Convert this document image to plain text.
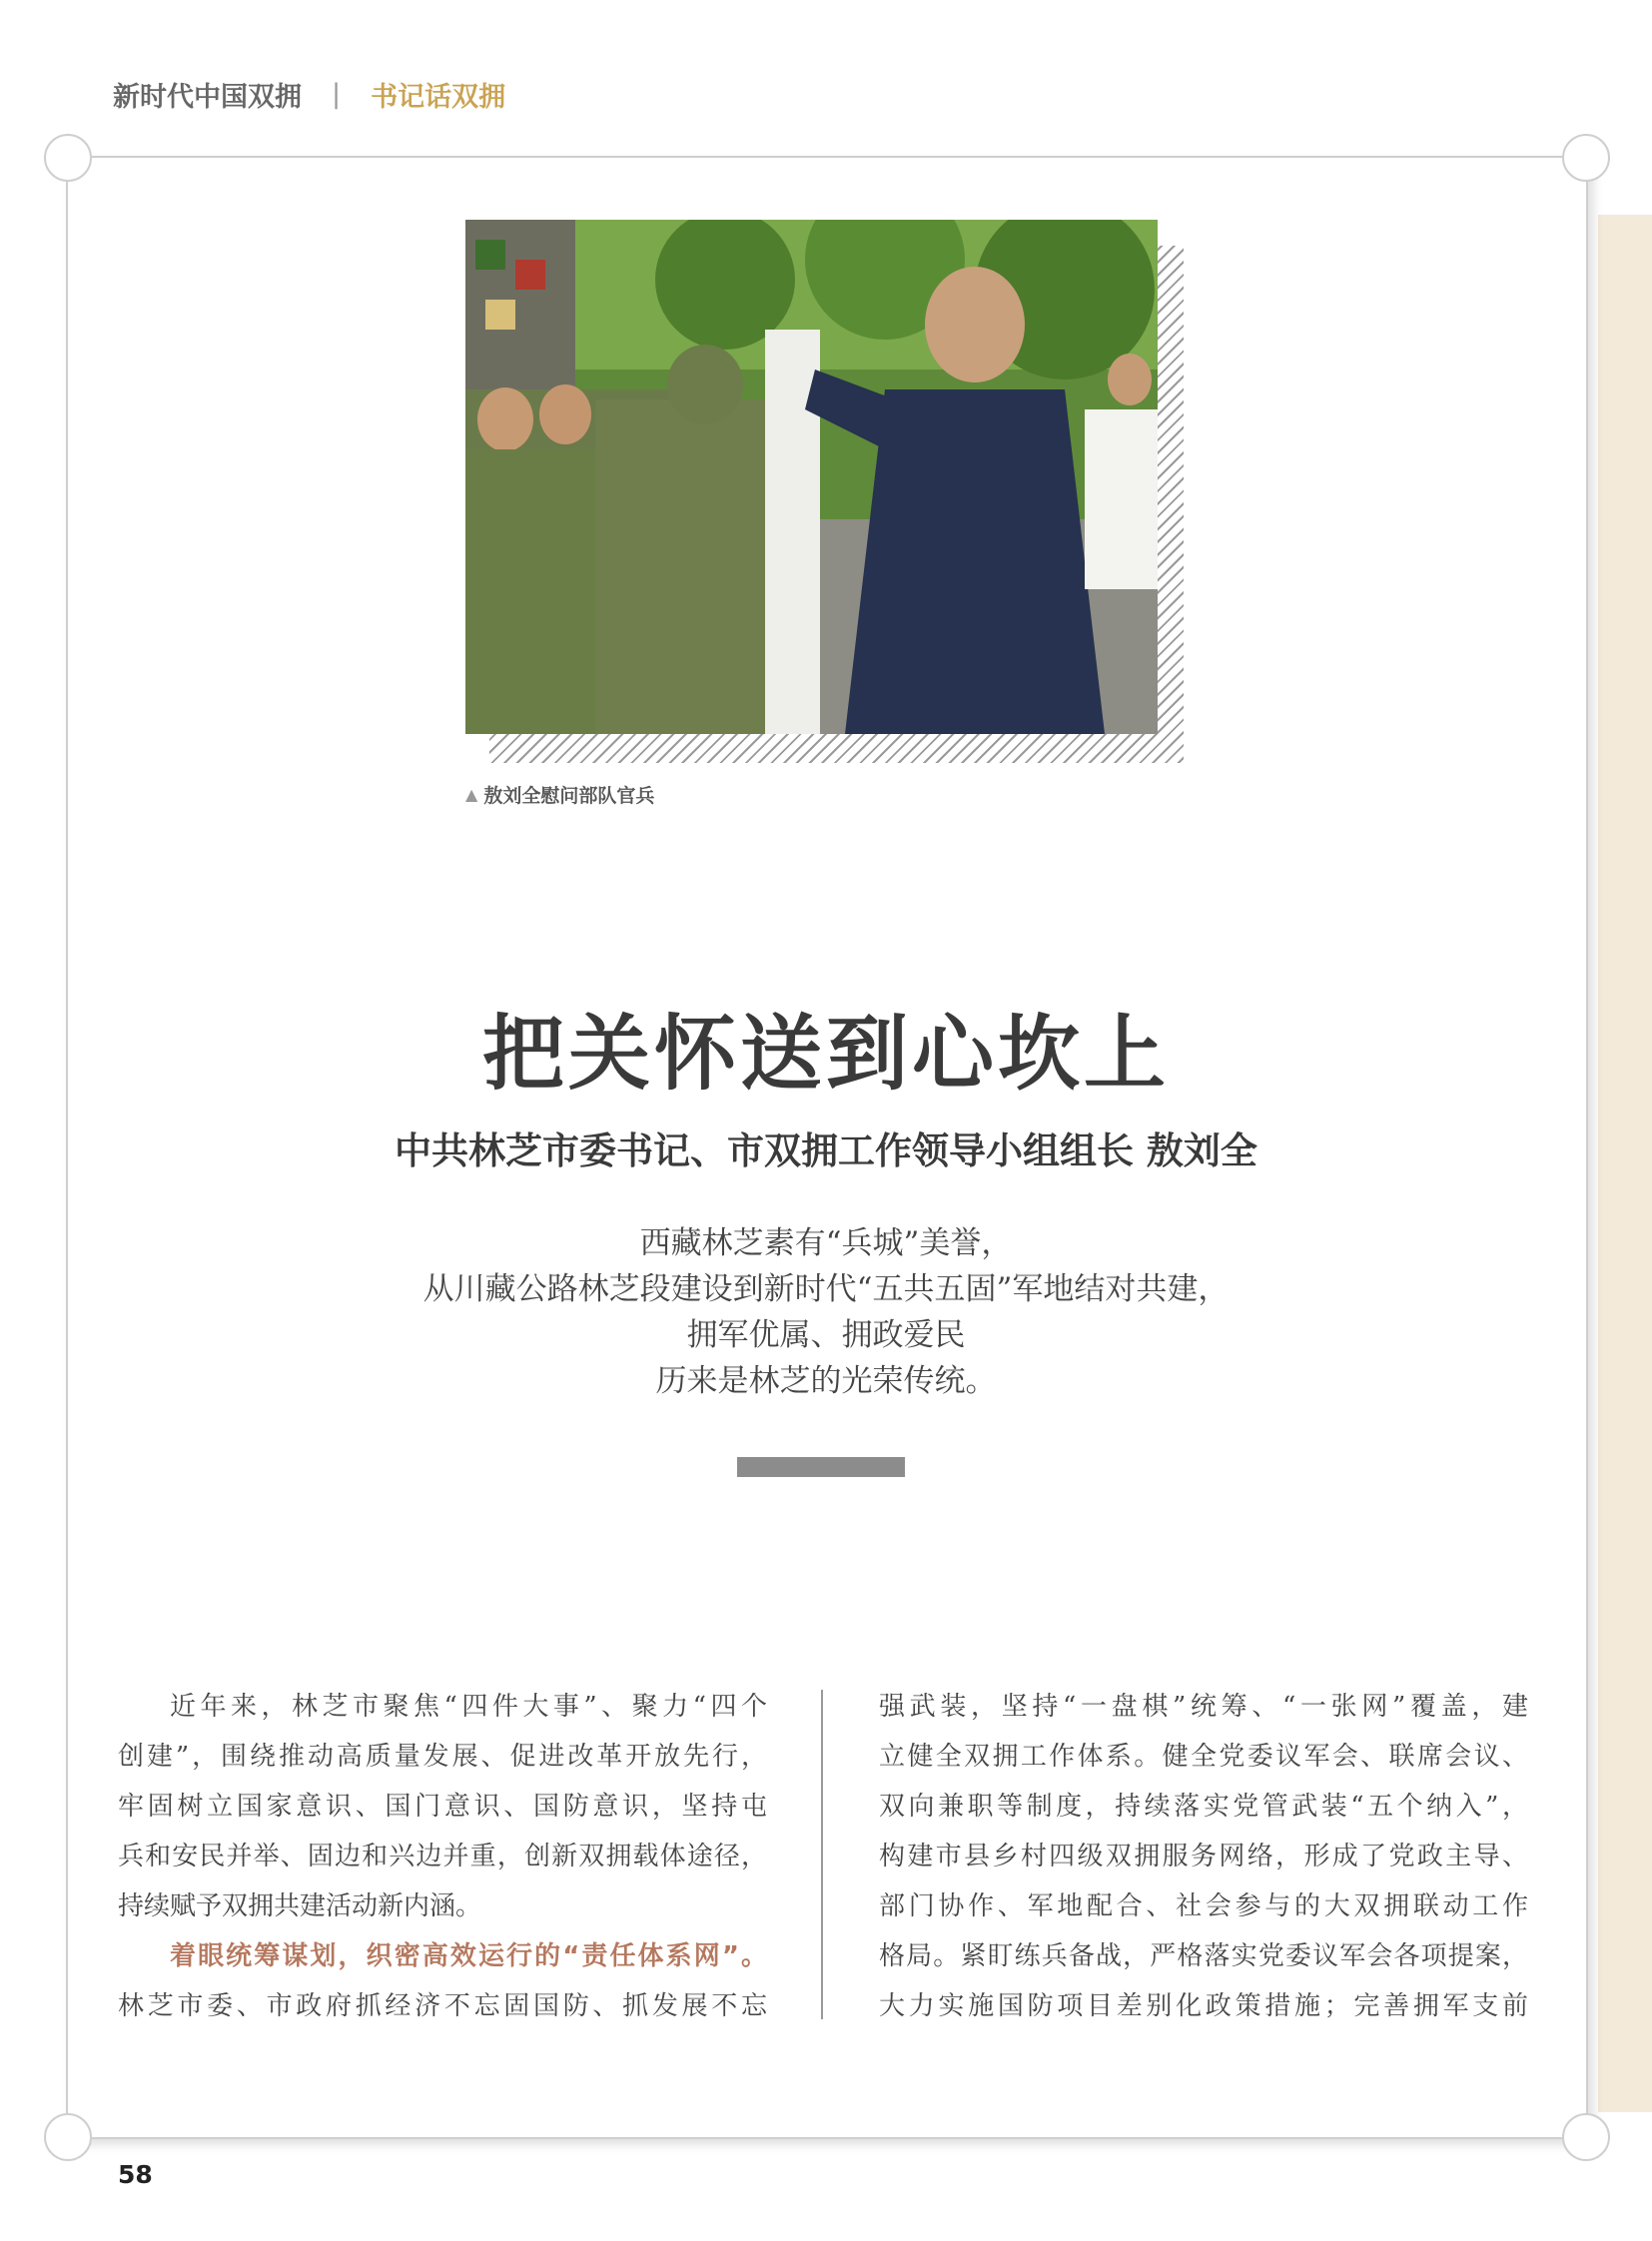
新时代中国双拥 | 书记话双拥
▲ 敖刘全慰问部队官兵
把关怀送到心坎上
中共林芝市委书记、市双拥工作领导小组组长 敖刘全
西藏林芝素有“兵城”美誉，
从川藏公路林芝段建设到新时代“五共五固”军地结对共建，
拥军优属、拥政爱民
历来是林芝的光荣传统。

近年来，林芝市聚焦“四件大事”、聚力“四个

创建”，围绕推动高质量发展、促进改革开放先行，

牢固树立国家意识、国门意识、国防意识，坚持屯

兵和安民并举、固边和兴边并重，创新双拥载体途径，

持续赋予双拥共建活动新内涵。

着眼统筹谋划，织密高效运行的“责任体系网”。

林芝市委、市政府抓经济不忘固国防、抓发展不忘

强武装，坚持“一盘棋”统筹、“一张网”覆盖，建

立健全双拥工作体系。健全党委议军会、联席会议、

双向兼职等制度，持续落实党管武装“五个纳入”，

构建市县乡村四级双拥服务网络，形成了党政主导、

部门协作、军地配合、社会参与的大双拥联动工作

格局。紧盯练兵备战，严格落实党委议军会各项提案，

大力实施国防项目差别化政策措施；完善拥军支前

58
